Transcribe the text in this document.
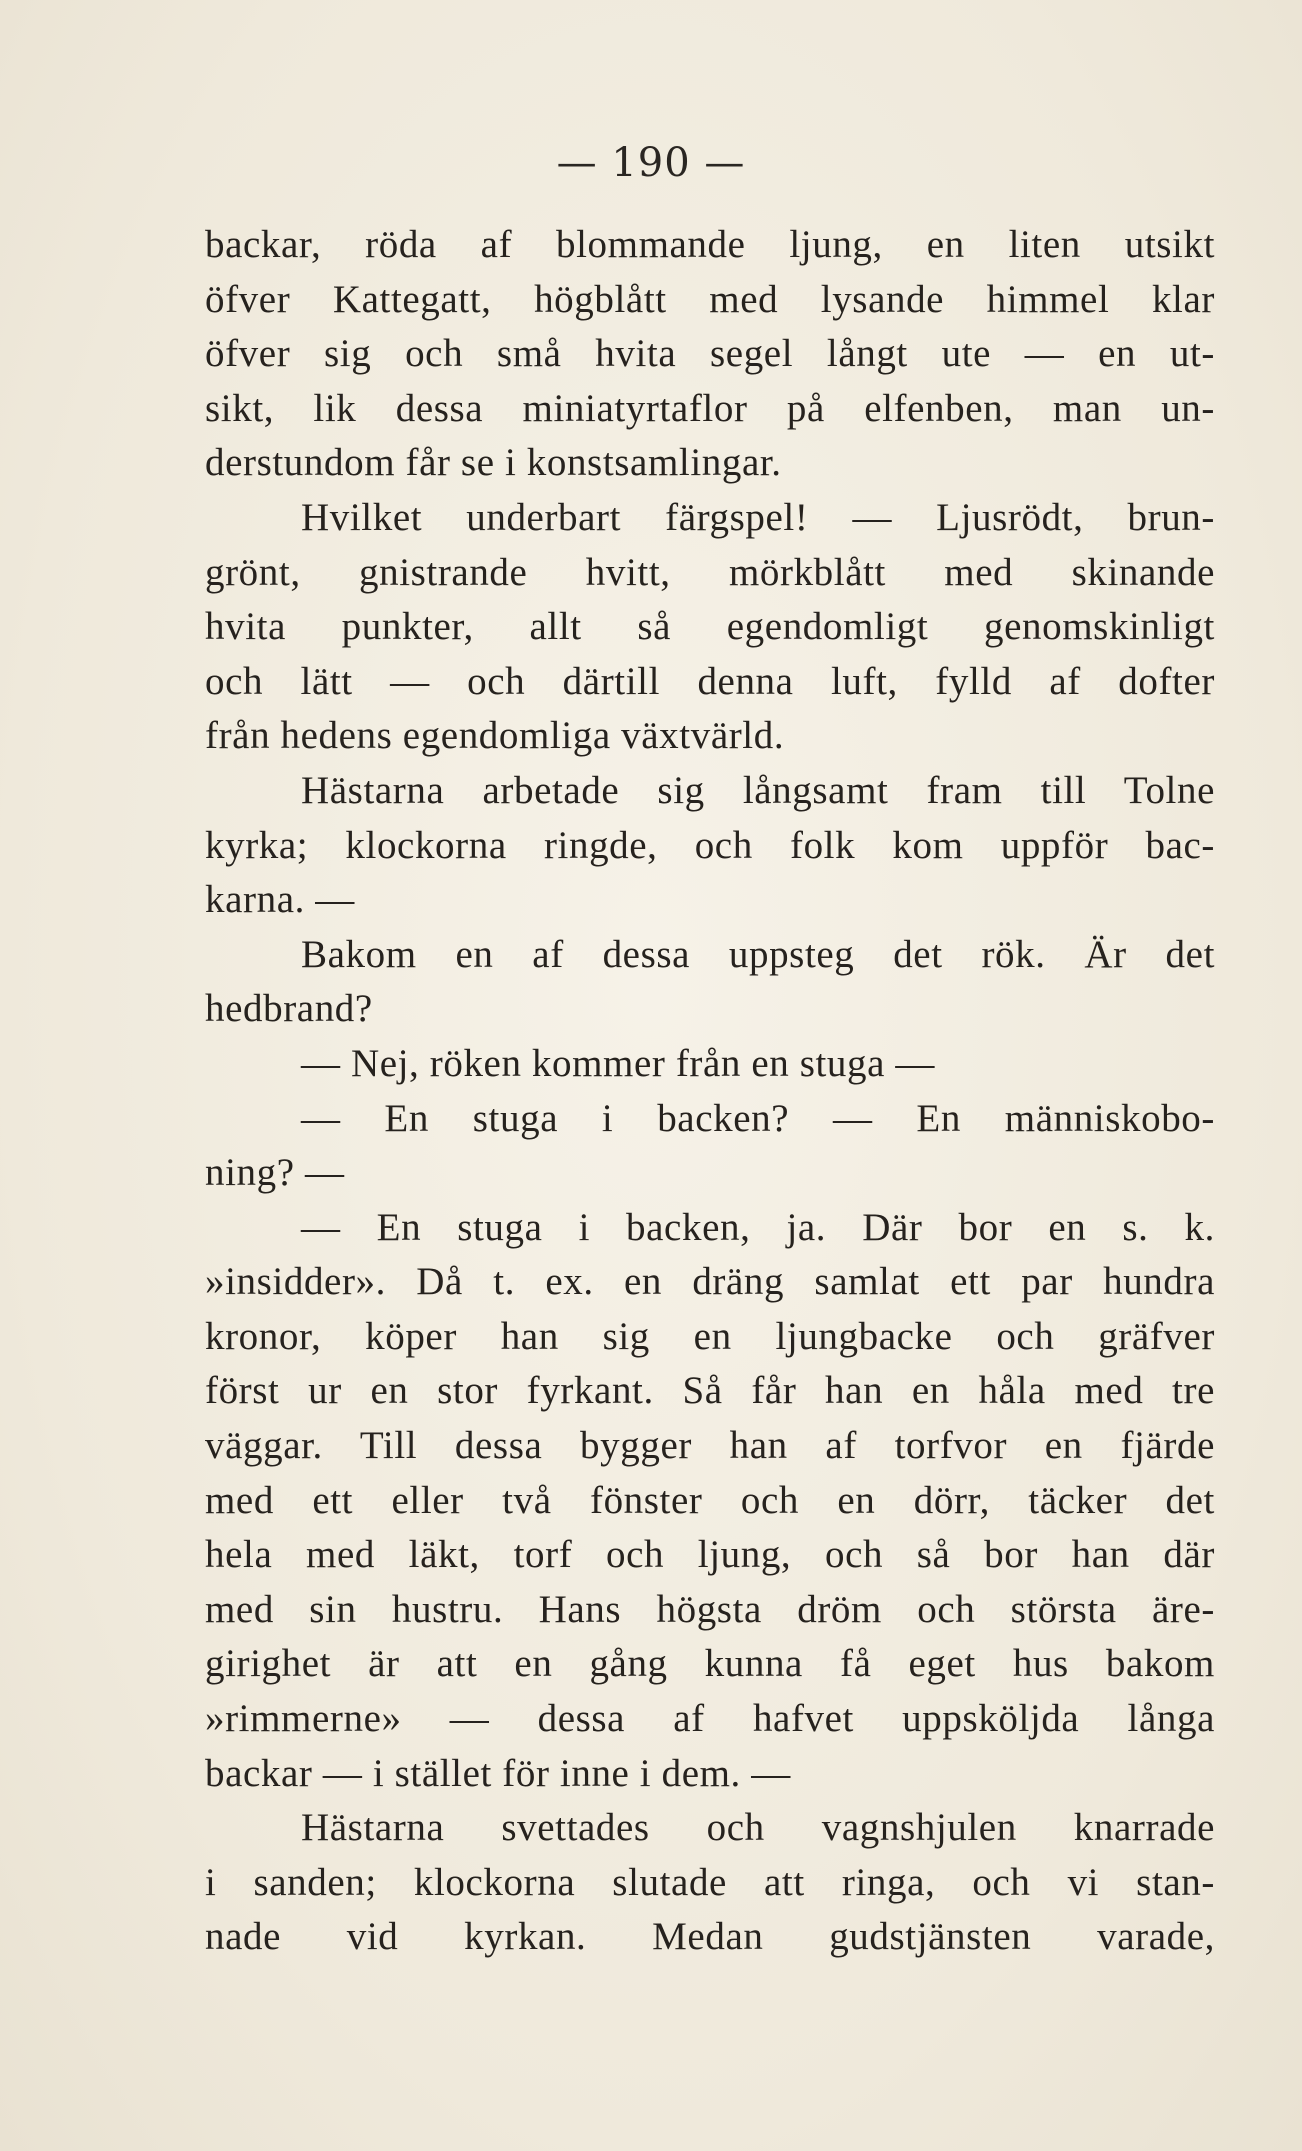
— 190 —
backar, röda af blommande ljung, en liten utsikt
öfver Kattegatt, högblått med lysande himmel klar
öfver sig och små hvita segel långt ute — en ut-
sikt, lik dessa miniatyrtaflor på elfenben, man un-
derstundom får se i konstsamlingar.
Hvilket underbart färgspel! — Ljusrödt, brun-
grönt, gnistrande hvitt, mörkblått med skinande
hvita punkter, allt så egendomligt genomskinligt
och lätt — och därtill denna luft, fylld af dofter
från hedens egendomliga växtvärld.
Hästarna arbetade sig långsamt fram till Tolne
kyrka; klockorna ringde, och folk kom uppför bac-
karna. —
Bakom en af dessa uppsteg det rök. Är det
hedbrand?
— Nej, röken kommer från en stuga —
— En stuga i backen? — En människobo-
ning? —
— En stuga i backen, ja. Där bor en s. k.
»insidder». Då t. ex. en dräng samlat ett par hundra
kronor, köper han sig en ljungbacke och gräfver
först ur en stor fyrkant. Så får han en håla med tre
väggar. Till dessa bygger han af torfvor en fjärde
med ett eller två fönster och en dörr, täcker det
hela med läkt, torf och ljung, och så bor han där
med sin hustru. Hans högsta dröm och största äre-
girighet är att en gång kunna få eget hus bakom
»rimmerne» — dessa af hafvet uppsköljda långa
backar — i stället för inne i dem. —
Hästarna svettades och vagnshjulen knarrade
i sanden; klockorna slutade att ringa, och vi stan-
nade vid kyrkan. Medan gudstjänsten varade,
